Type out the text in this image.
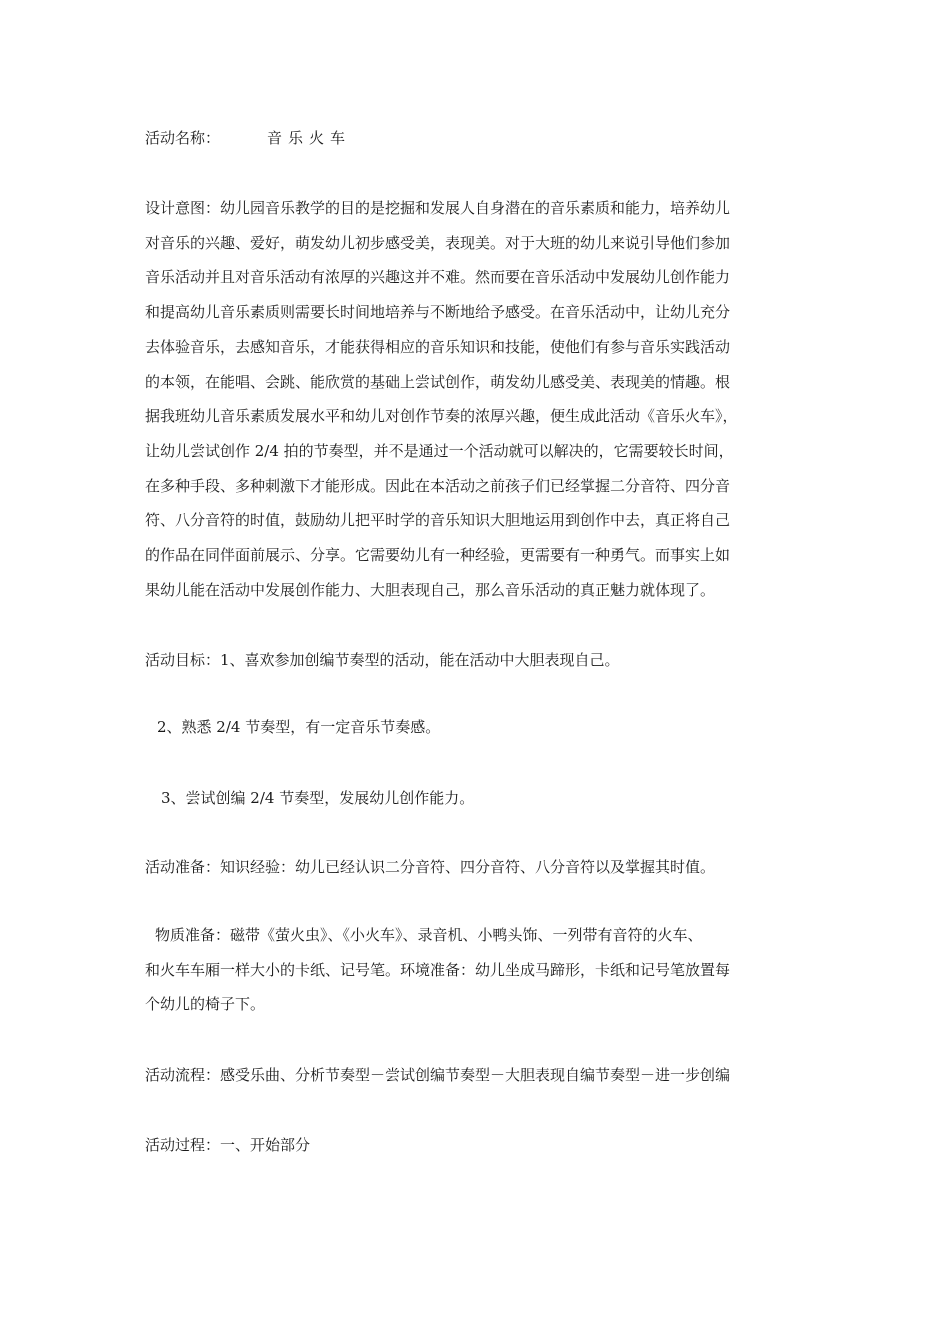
活动名称：	音乐火车
设计意图：幼儿园音乐教学的目的是挖掘和发展人自身潜在的音乐素质和能力，培养幼儿
对音乐的兴趣、爱好，萌发幼儿初步感受美，表现美。对于大班的幼儿来说引导他们参加
音乐活动并且对音乐活动有浓厚的兴趣这并不难。然而要在音乐活动中发展幼儿创作能力
和提高幼儿音乐素质则需要长时间地培养与不断地给予感受。在音乐活动中，让幼儿充分
去体验音乐，去感知音乐，才能获得相应的音乐知识和技能，使他们有参与音乐实践活动
的本领，在能唱、会跳、能欣赏的基础上尝试创作，萌发幼儿感受美、表现美的情趣。根
据我班幼儿音乐素质发展水平和幼儿对创作节奏的浓厚兴趣，便生成此活动《音乐火车》，
让幼儿尝试创作 2/4 拍的节奏型，并不是通过一个活动就可以解决的，它需要较长时间，
在多种手段、多种刺激下才能形成。因此在本活动之前孩子们已经掌握二分音符、四分音
符、八分音符的时值，鼓励幼儿把平时学的音乐知识大胆地运用到创作中去，真正将自己
的作品在同伴面前展示、分享。它需要幼儿有一种经验，更需要有一种勇气。而事实上如
果幼儿能在活动中发展创作能力、大胆表现自己，那么音乐活动的真正魅力就体现了。
活动目标：1、喜欢参加创编节奏型的活动，能在活动中大胆表现自己。
2、熟悉 2/4 节奏型，有一定音乐节奏感。
3、尝试创编 2/4 节奏型，发展幼儿创作能力。
活动准备：知识经验：幼儿已经认识二分音符、四分音符、八分音符以及掌握其时值。
物质准备：磁带《萤火虫》、《小火车》、录音机、小鸭头饰、一列带有音符的火车、
和火车车厢一样大小的卡纸、记号笔。环境准备：幼儿坐成马蹄形，卡纸和记号笔放置每
个幼儿的椅子下。
活动流程：感受乐曲、分析节奏型－尝试创编节奏型－大胆表现自编节奏型－进一步创编
活动过程：一、开始部分
